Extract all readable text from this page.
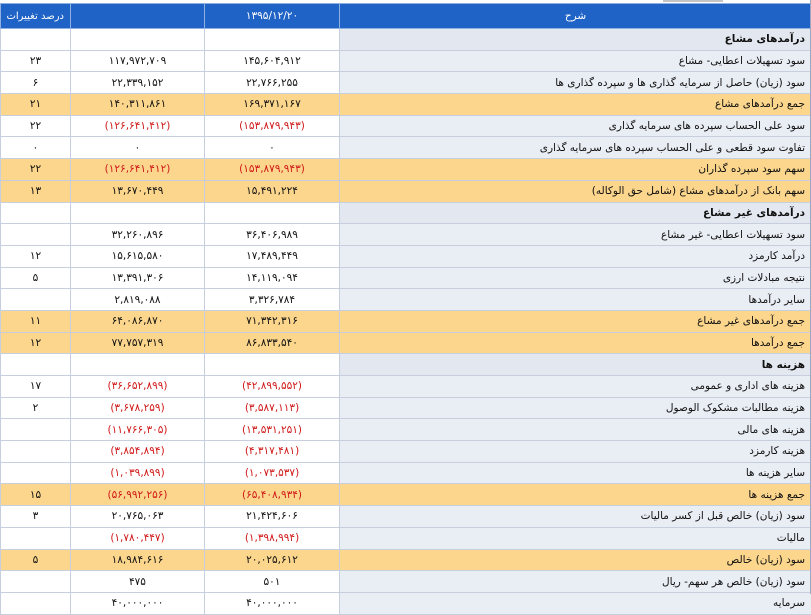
شرح	۱۳۹۵/۱۲/۲۰		درصد تغییرات
درآمدهای مشاع			
سود تسهیلات اعطایی- مشاع	۱۴۵,۶۰۴,۹۱۲	۱۱۷,۹۷۲,۷۰۹	۲۳
سود (زیان) حاصل از سرمایه گذاری ها و سپرده گذاری ها	۲۲,۷۶۶,۲۵۵	۲۲,۳۳۹,۱۵۲	۶
جمع درآمدهای مشاع	۱۶۹,۳۷۱,۱۶۷	۱۴۰,۳۱۱,۸۶۱	۲۱
سود علی الحساب سپرده های سرمایه گذاری	(۱۵۳,۸۷۹,۹۴۳)	(۱۲۶,۶۴۱,۴۱۲)	۲۲
تفاوت سود قطعی و علی الحساب سپرده های سرمایه گذاری	۰	۰	۰
سهم سود سپرده گذاران	(۱۵۳,۸۷۹,۹۴۳)	(۱۲۶,۶۴۱,۴۱۲)	۲۲
سهم بانک از درآمدهای مشاع (شامل حق الوکاله)	۱۵,۴۹۱,۲۲۴	۱۳,۶۷۰,۴۴۹	۱۳
درآمدهای غیر مشاع			
سود تسهیلات اعطایی- غیر مشاع	۳۶,۴۰۶,۹۸۹	۳۲,۲۶۰,۸۹۶	
درآمد کارمزد	۱۷,۴۸۹,۴۴۹	۱۵,۶۱۵,۵۸۰	۱۲
نتیجه مبادلات ارزی	۱۴,۱۱۹,۰۹۴	۱۳,۳۹۱,۳۰۶	۵
سایر درآمدها	۳,۳۲۶,۷۸۴	۲,۸۱۹,۰۸۸	
جمع درآمدهای غیر مشاع	۷۱,۳۴۲,۳۱۶	۶۴,۰۸۶,۸۷۰	۱۱
جمع درآمدها	۸۶,۸۳۳,۵۴۰	۷۷,۷۵۷,۳۱۹	۱۲
هزینه ها			
هزینه های اداری و عمومی	(۴۲,۸۹۹,۵۵۲)	(۳۶,۶۵۲,۸۹۹)	۱۷
هزینه مطالبات مشکوک الوصول	(۳,۵۸۷,۱۱۳)	(۳,۶۷۸,۲۵۹)	۲
هزینه های مالی	(۱۳,۵۳۱,۲۵۱)	(۱۱,۷۶۶,۳۰۵)	
هزینه کارمزد	(۴,۳۱۷,۴۸۱)	(۳,۸۵۴,۸۹۴)	
سایر هزینه ها	(۱,۰۷۳,۵۳۷)	(۱,۰۳۹,۸۹۹)	
جمع هزینه ها	(۶۵,۴۰۸,۹۳۴)	(۵۶,۹۹۲,۲۵۶)	۱۵
سود (زیان) خالص قبل از کسر مالیات	۲۱,۴۲۴,۶۰۶	۲۰,۷۶۵,۰۶۳	۳
مالیات	(۱,۳۹۸,۹۹۴)	(۱,۷۸۰,۴۴۷)	
سود (زیان) خالص	۲۰,۰۲۵,۶۱۲	۱۸,۹۸۴,۶۱۶	۵
سود (زیان) خالص هر سهم- ریال	۵۰۱	۴۷۵	
سرمایه	۴۰,۰۰۰,۰۰۰	۴۰,۰۰۰,۰۰۰	
